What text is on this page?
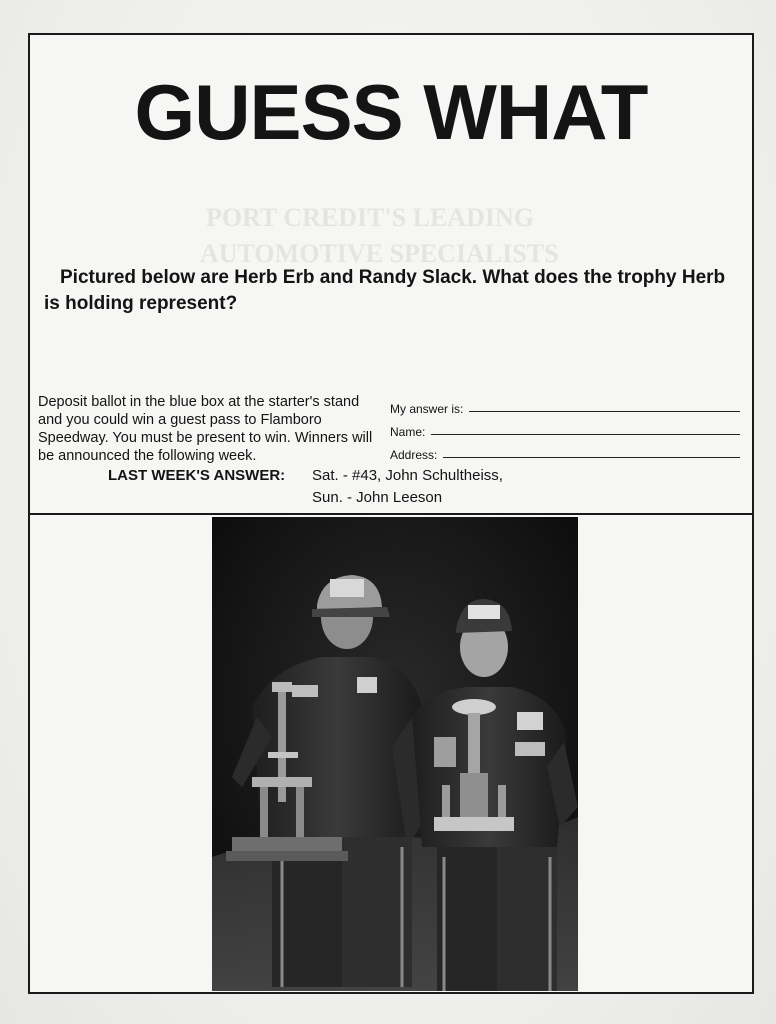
PORT CREDIT'S LEADING
AUTOMOTIVE SPECIALISTS
GUESS WHAT
Pictured below are Herb Erb and Randy Slack. What does the trophy Herb is holding represent?
Deposit ballot in the blue box at the starter's stand and you could win a guest pass to Flamboro Speedway. You must be present to win. Winners will be announced the following week.
My answer is:
Name:
Address:
LAST WEEK'S ANSWER: Sat. - #43, John Schultheiss,
Sun. - John Leeson
